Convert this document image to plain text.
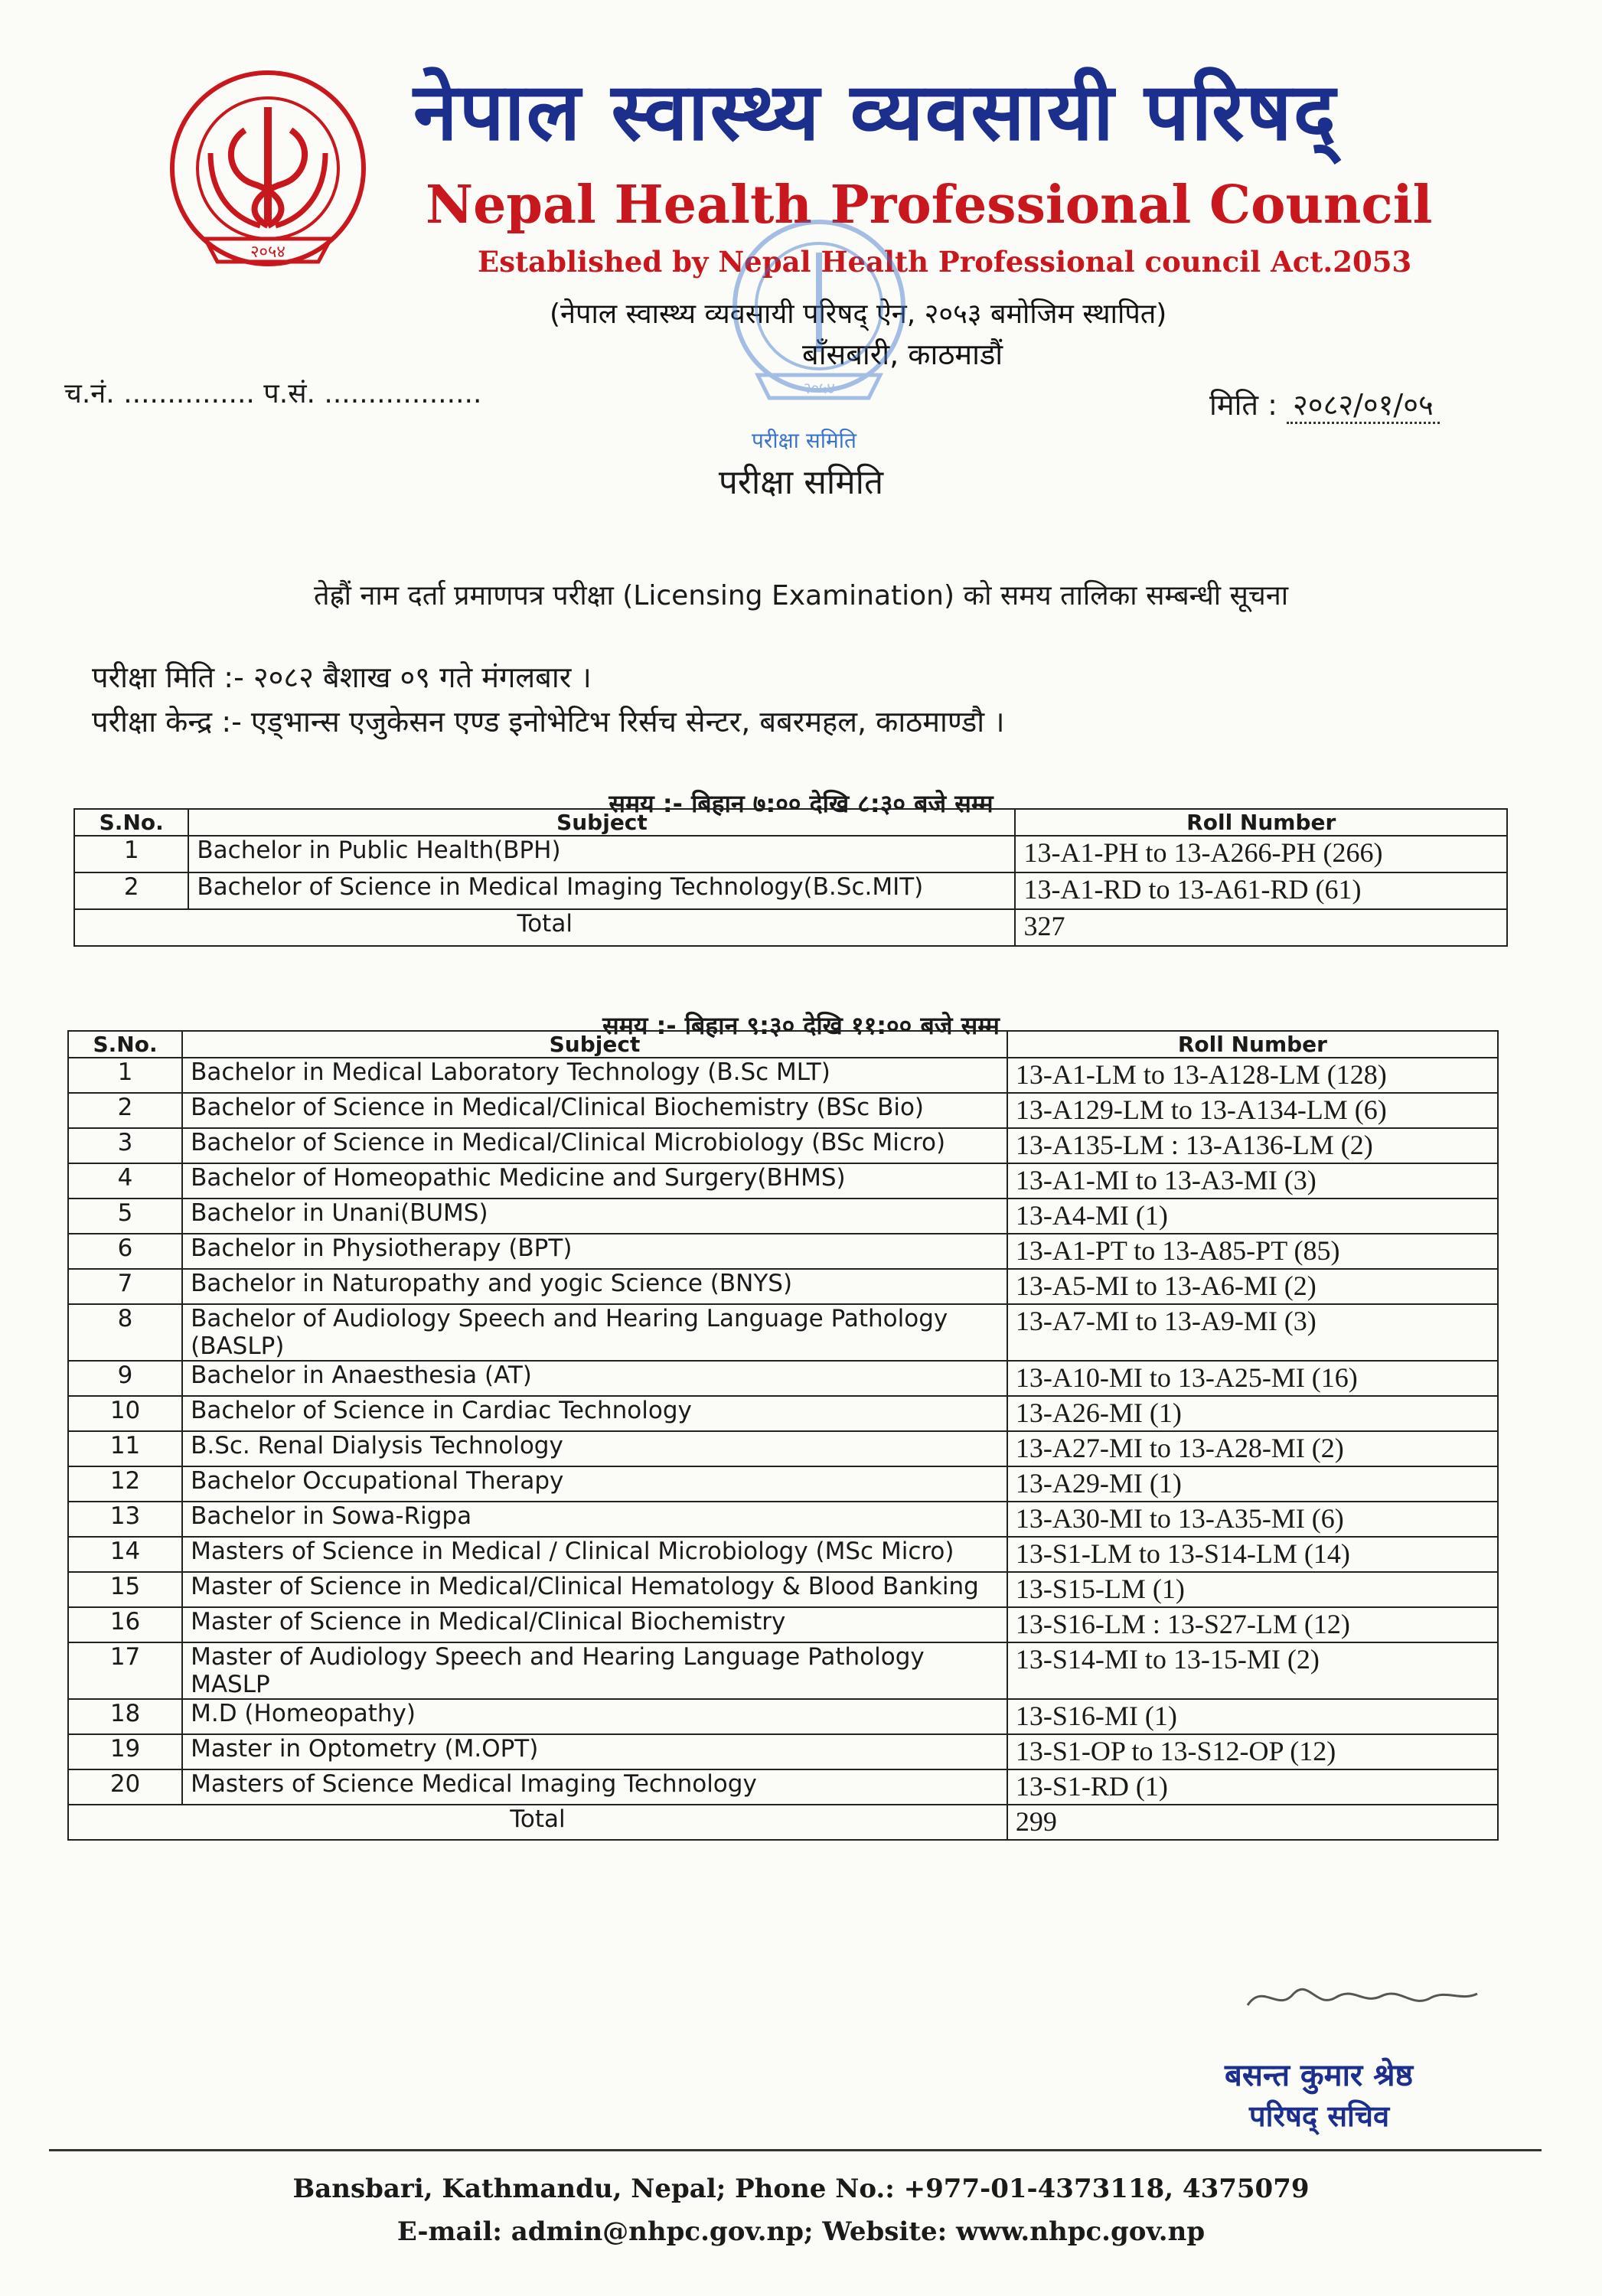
२०५४
नेपाल स्वास्थ्य व्यवसायी परिषद्
Nepal Health Professional Council
Established by Nepal Health Professional council Act.2053
(नेपाल स्वास्थ्य व्यवसायी परिषद् ऐन, २०५३ बमोजिम स्थापित)
बाँसबारी, काठमाडौं
२०५४
परीक्षा समिति
च.नं. ............... प.सं. ..................	मिति : २०८२/०१/०५
परीक्षा समिति
तेह्रौं नाम दर्ता प्रमाणपत्र परीक्षा (Licensing Examination) को समय तालिका सम्बन्धी सूचना
परीक्षा मिति :- २०८२ बैशाख ०९ गते मंगलबार ।
परीक्षा केन्द्र :- एड्भान्स एजुकेसन एण्ड इनोभेटिभ रिर्सच सेन्टर, बबरमहल, काठमाण्डौ ।
समय :- बिहान ७:०० देखि ८:३० बजे सम्म
S.No.	Subject	Roll Number
1	Bachelor in Public Health(BPH)	13-A1-PH to 13-A266-PH (266)
2	Bachelor of Science in Medical Imaging Technology(B.Sc.MIT)	13-A1-RD to 13-A61-RD (61)
Total		327
समय :- बिहान ९:३० देखि ११:०० बजे सम्म
S.No.	Subject	Roll Number
1	Bachelor in Medical Laboratory Technology (B.Sc MLT)	13-A1-LM to 13-A128-LM (128)
2	Bachelor of Science in Medical/Clinical Biochemistry (BSc Bio)	13-A129-LM to 13-A134-LM (6)
3	Bachelor of Science in Medical/Clinical Microbiology (BSc Micro)	13-A135-LM : 13-A136-LM (2)
4	Bachelor of Homeopathic Medicine and Surgery(BHMS)	13-A1-MI to 13-A3-MI (3)
5	Bachelor in Unani(BUMS)	13-A4-MI (1)
6	Bachelor in Physiotherapy (BPT)	13-A1-PT to 13-A85-PT (85)
7	Bachelor in Naturopathy and yogic Science (BNYS)	13-A5-MI to 13-A6-MI (2)
8	Bachelor of Audiology Speech and Hearing Language Pathology (BASLP)	13-A7-MI to 13-A9-MI (3)
9	Bachelor in Anaesthesia (AT)	13-A10-MI to 13-A25-MI (16)
10	Bachelor of Science in Cardiac Technology	13-A26-MI (1)
11	B.Sc. Renal Dialysis Technology	13-A27-MI to 13-A28-MI (2)
12	Bachelor Occupational Therapy	13-A29-MI (1)
13	Bachelor in Sowa-Rigpa	13-A30-MI to 13-A35-MI (6)
14	Masters of Science in Medical / Clinical Microbiology (MSc Micro)	13-S1-LM to 13-S14-LM (14)
15	Master of Science in Medical/Clinical Hematology & Blood Banking	13-S15-LM (1)
16	Master of Science in Medical/Clinical Biochemistry	13-S16-LM : 13-S27-LM (12)
17	Master of Audiology Speech and Hearing Language Pathology MASLP	13-S14-MI to 13-15-MI (2)
18	M.D (Homeopathy)	13-S16-MI (1)
19	Master in Optometry (M.OPT)	13-S1-OP to 13-S12-OP (12)
20	Masters of Science Medical Imaging Technology	13-S1-RD (1)
Total		299
बसन्त कुमार श्रेष्ठ
परिषद्‌ सचिव
Bansbari, Kathmandu, Nepal; Phone No.: +977-01-4373118, 4375079
E-mail: admin@nhpc.gov.np; Website: www.nhpc.gov.np
